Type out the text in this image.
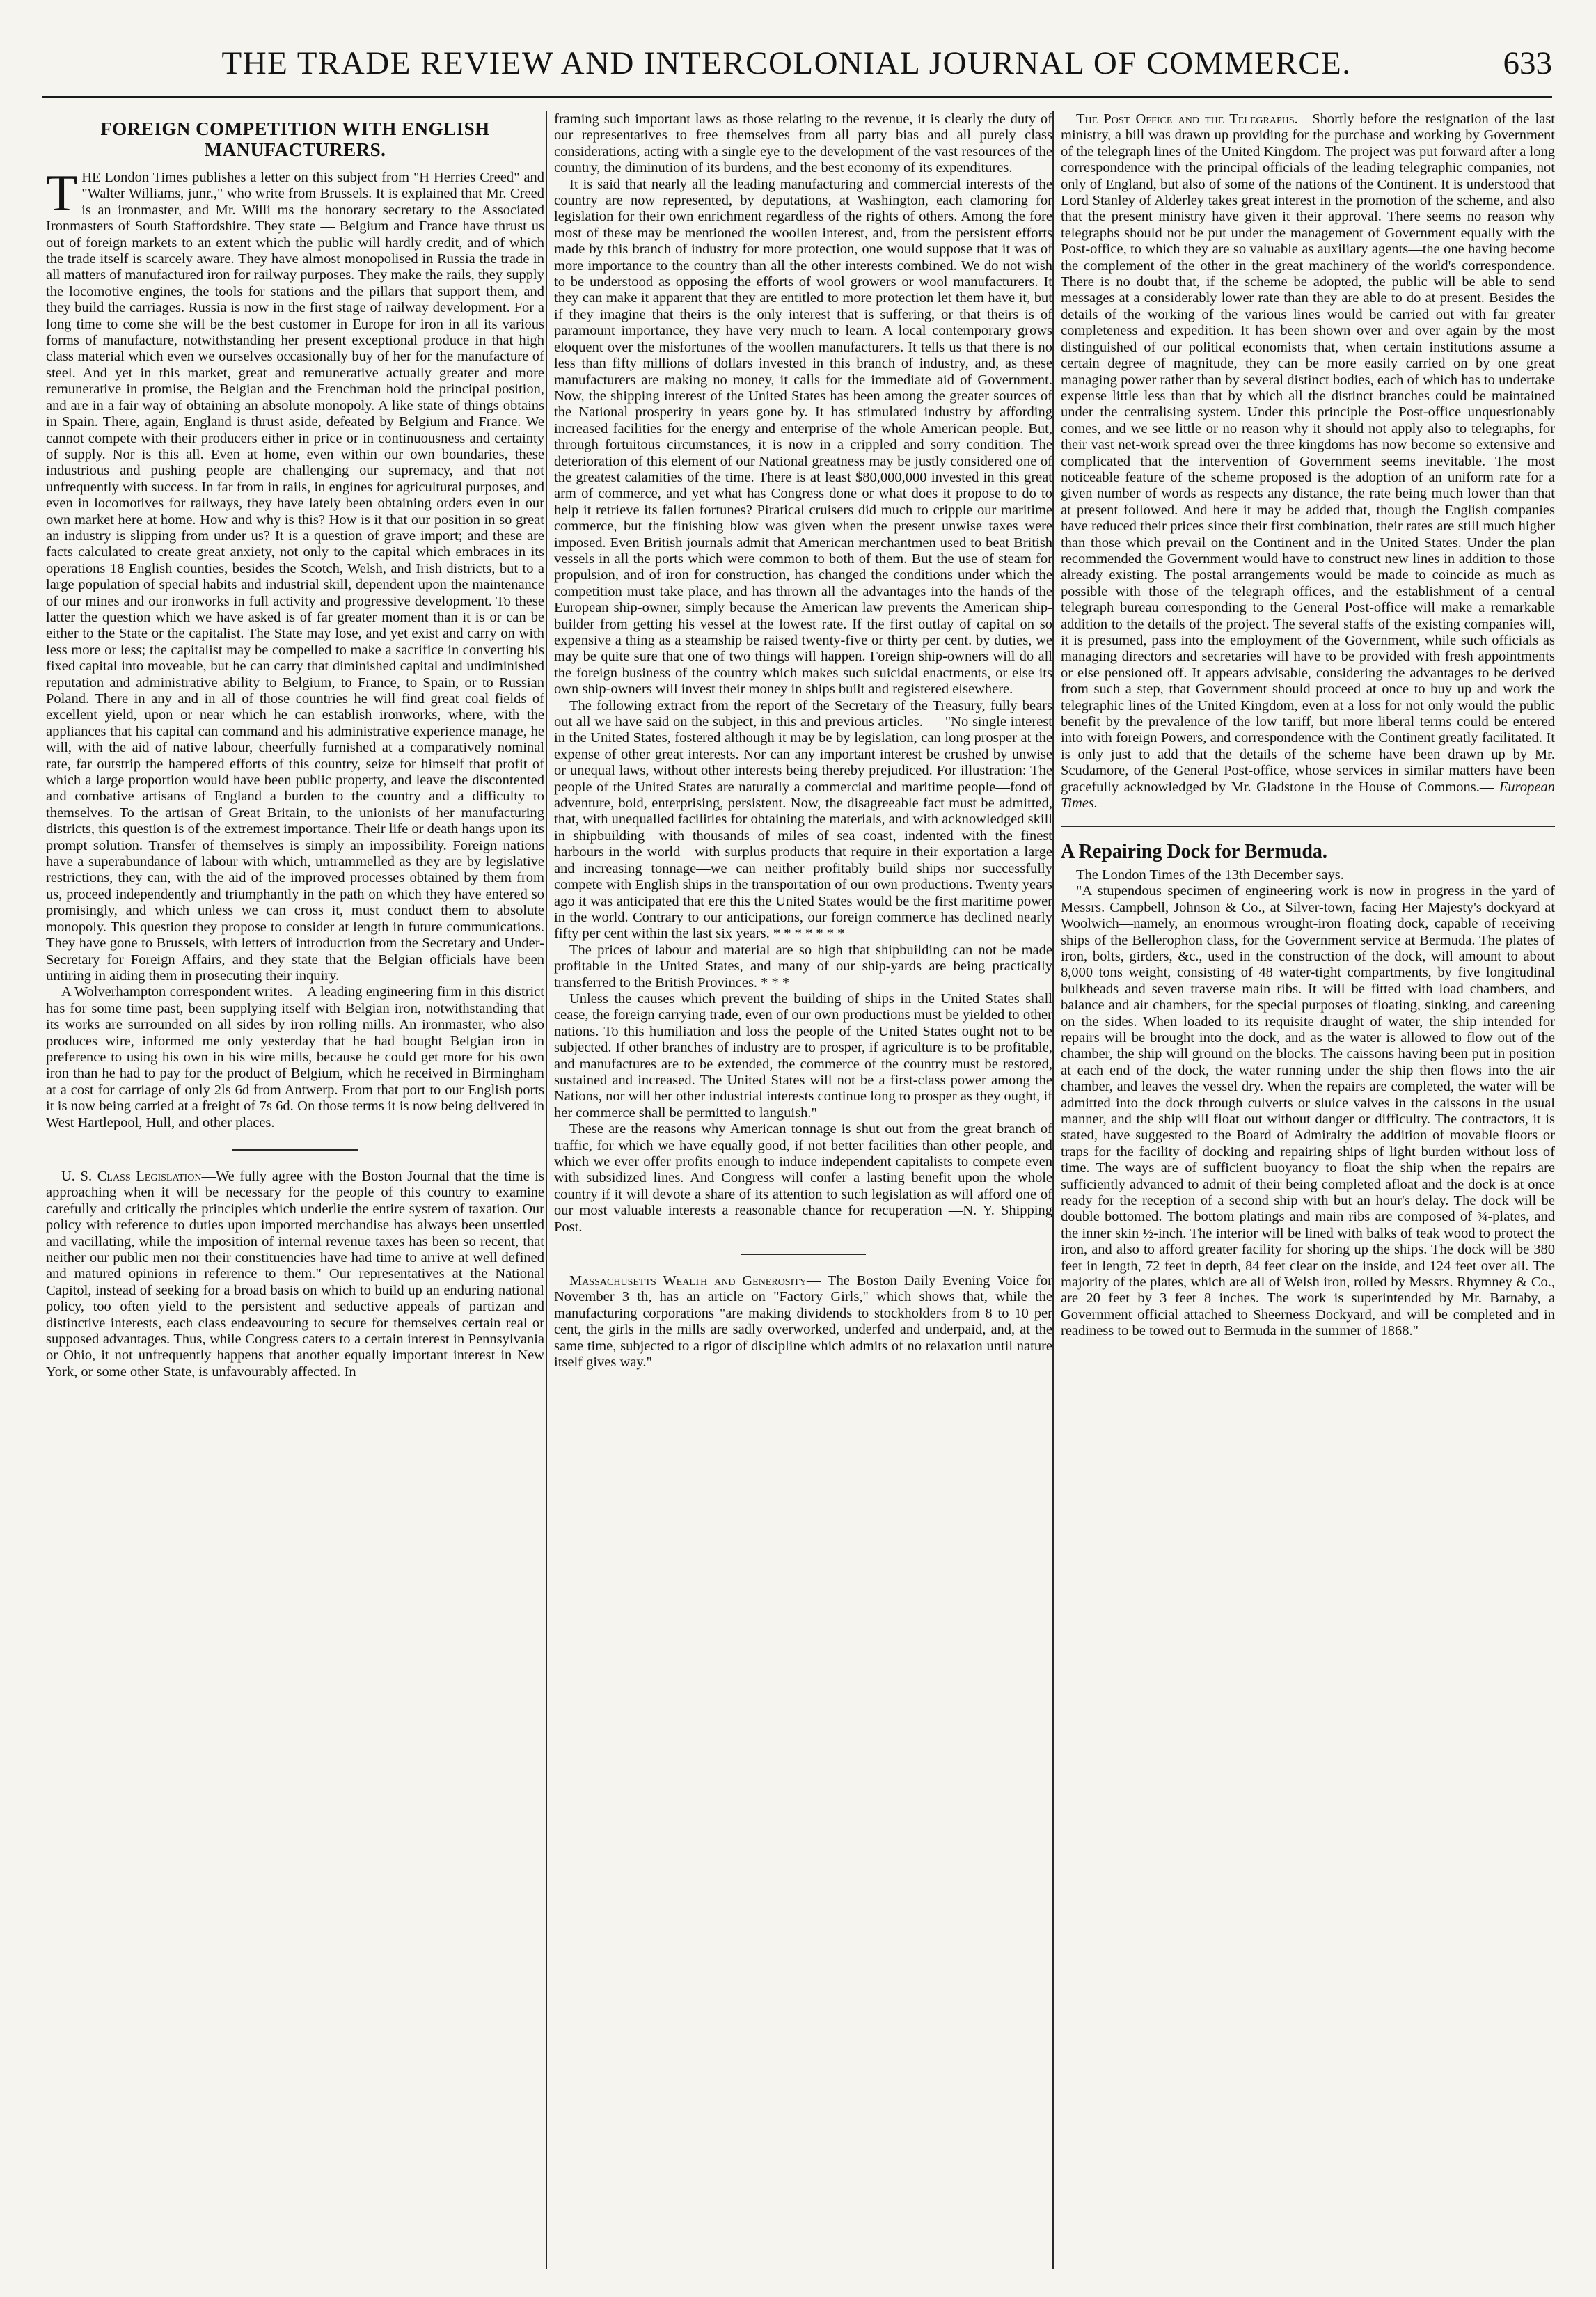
THE TRADE REVIEW AND INTERCOLONIAL JOURNAL OF COMMERCE.	633
FOREIGN COMPETITION WITH ENGLISH MANUFACTURERS.

THE London Times publishes a letter on this subject from "H Herries Creed" and "Walter Williams, junr.," who write from Brussels. It is explained that Mr. Creed is an ironmaster, and Mr. Willi ms the honorary secretary to the Associated Ironmasters of South Staffordshire. They state — Belgium and France have thrust us out of foreign markets to an extent which the public will hardly credit, and of which the trade itself is scarcely aware. They have almost monopolised in Russia the trade in all matters of manufactured iron for railway purposes. They make the rails, they supply the locomotive engines, the tools for stations and the pillars that support them, and they build the carriages. Russia is now in the first stage of railway development. For a long time to come she will be the best customer in Europe for iron in all its various forms of manufacture, notwithstanding her present exceptional produce in that high class material which even we ourselves occasionally buy of her for the manufacture of steel. And yet in this market, great and remunerative actually greater and more remunerative in promise, the Belgian and the Frenchman hold the principal position, and are in a fair way of obtaining an absolute monopoly. A like state of things obtains in Spain. There, again, England is thrust aside, defeated by Belgium and France. We cannot compete with their producers either in price or in continuousness and certainty of supply. Nor is this all. Even at home, even within our own boundaries, these industrious and pushing people are challenging our supremacy, and that not unfrequently with success. In far from in rails, in engines for agricultural purposes, and even in locomotives for railways, they have lately been obtaining orders even in our own market here at home. How and why is this? How is it that our position in so great an industry is slipping from under us? It is a question of grave import; and these are facts calculated to create great anxiety, not only to the capital which embraces in its operations 18 English counties, besides the Scotch, Welsh, and Irish districts, but to a large population of special habits and industrial skill, dependent upon the maintenance of our mines and our ironworks in full activity and progressive development. To these latter the question which we have asked is of far greater moment than it is or can be either to the State or the capitalist. The State may lose, and yet exist and carry on with less more or less; the capitalist may be compelled to make a sacrifice in converting his fixed capital into moveable, but he can carry that diminished capital and undiminished reputation and administrative ability to Belgium, to France, to Spain, or to Russian Poland. There in any and in all of those countries he will find great coal fields of excellent yield, upon or near which he can establish ironworks, where, with the appliances that his capital can command and his administrative experience manage, he will, with the aid of native labour, cheerfully furnished at a comparatively nominal rate, far outstrip the hampered efforts of this country, seize for himself that profit of which a large proportion would have been public property, and leave the discontented and combative artisans of England a burden to the country and a difficulty to themselves. To the artisan of Great Britain, to the unionists of her manufacturing districts, this question is of the extremest importance. Their life or death hangs upon its prompt solution. Transfer of themselves is simply an impossibility. Foreign nations have a superabundance of labour with which, untrammelled as they are by legislative restrictions, they can, with the aid of the improved processes obtained by them from us, proceed independently and triumphantly in the path on which they have entered so promisingly, and which unless we can cross it, must conduct them to absolute monopoly. This question they propose to consider at length in future communications. They have gone to Brussels, with letters of introduction from the Secretary and Under-Secretary for Foreign Affairs, and they state that the Belgian officials have been untiring in aiding them in prosecuting their inquiry.

A Wolverhampton correspondent writes.—A leading engineering firm in this district has for some time past, been supplying itself with Belgian iron, notwithstanding that its works are surrounded on all sides by iron rolling mills. An ironmaster, who also produces wire, informed me only yesterday that he had bought Belgian iron in preference to using his own in his wire mills, because he could get more for his own iron than he had to pay for the product of Belgium, which he received in Birmingham at a cost for carriage of only 2ls 6d from Antwerp. From that port to our English ports it is now being carried at a freight of 7s 6d. On those terms it is now being delivered in West Hartlepool, Hull, and other places.

U. S. Class Legislation—We fully agree with the Boston Journal that the time is approaching when it will be necessary for the people of this country to examine carefully and critically the principles which underlie the entire system of taxation. Our policy with reference to duties upon imported merchandise has always been unsettled and vacillating, while the imposition of internal revenue taxes has been so recent, that neither our public men nor their constituencies have had time to arrive at well defined and matured opinions in reference to them." Our representatives at the National Capitol, instead of seeking for a broad basis on which to build up an enduring national policy, too often yield to the persistent and seductive appeals of partizan and distinctive interests, each class endeavouring to secure for themselves certain real or supposed advantages. Thus, while Congress caters to a certain interest in Pennsylvania or Ohio, it not unfrequently happens that another equally important interest in New York, or some other State, is unfavourably affected. In

framing such important laws as those relating to the revenue, it is clearly the duty of our representatives to free themselves from all party bias and all purely class considerations, acting with a single eye to the development of the vast resources of the country, the diminution of its burdens, and the best economy of its expenditures.

It is said that nearly all the leading manufacturing and commercial interests of the country are now represented, by deputations, at Washington, each clamoring for legislation for their own enrichment regardless of the rights of others. Among the fore most of these may be mentioned the woollen interest, and, from the persistent efforts made by this branch of industry for more protection, one would suppose that it was of more importance to the country than all the other interests combined. We do not wish to be understood as opposing the efforts of wool growers or wool manufacturers. It they can make it apparent that they are entitled to more protection let them have it, but if they imagine that theirs is the only interest that is suffering, or that theirs is of paramount importance, they have very much to learn. A local contemporary grows eloquent over the misfortunes of the woollen manufacturers. It tells us that there is no less than fifty millions of dollars invested in this branch of industry, and, as these manufacturers are making no money, it calls for the immediate aid of Government. Now, the shipping interest of the United States has been among the greater sources of the National prosperity in years gone by. It has stimulated industry by affording increased facilities for the energy and enterprise of the whole American people. But, through fortuitous circumstances, it is now in a crippled and sorry condition. The deterioration of this element of our National greatness may be justly considered one of the greatest calamities of the time. There is at least $80,000,000 invested in this great arm of commerce, and yet what has Congress done or what does it propose to do to help it retrieve its fallen fortunes? Piratical cruisers did much to cripple our maritime commerce, but the finishing blow was given when the present unwise taxes were imposed. Even British journals admit that American merchantmen used to beat British vessels in all the ports which were common to both of them. But the use of steam for propulsion, and of iron for construction, has changed the conditions under which the competition must take place, and has thrown all the advantages into the hands of the European ship-owner, simply because the American law prevents the American ship-builder from getting his vessel at the lowest rate. If the first outlay of capital on so expensive a thing as a steamship be raised twenty-five or thirty per cent. by duties, we may be quite sure that one of two things will happen. Foreign ship-owners will do all the foreign business of the country which makes such suicidal enactments, or else its own ship-owners will invest their money in ships built and registered elsewhere.

The following extract from the report of the Secretary of the Treasury, fully bears out all we have said on the subject, in this and previous articles. — "No single interest in the United States, fostered although it may be by legislation, can long prosper at the expense of other great interests. Nor can any important interest be crushed by unwise or unequal laws, without other interests being thereby prejudiced. For illustration: The people of the United States are naturally a commercial and maritime people—fond of adventure, bold, enterprising, persistent. Now, the disagreeable fact must be admitted, that, with unequalled facilities for obtaining the materials, and with acknowledged skill in shipbuilding—with thousands of miles of sea coast, indented with the finest harbours in the world—with surplus products that require in their exportation a large and increasing tonnage—we can neither profitably build ships nor successfully compete with English ships in the transportation of our own productions. Twenty years ago it was anticipated that ere this the United States would be the first maritime power in the world. Contrary to our anticipations, our foreign commerce has declined nearly fifty per cent within the last six years. * * * * * * *

The prices of labour and material are so high that shipbuilding can not be made profitable in the United States, and many of our ship-yards are being practically transferred to the British Provinces. * * *

Unless the causes which prevent the building of ships in the United States shall cease, the foreign carrying trade, even of our own productions must be yielded to other nations. To this humiliation and loss the people of the United States ought not to be subjected. If other branches of industry are to prosper, if agriculture is to be profitable, and manufactures are to be extended, the commerce of the country must be restored, sustained and increased. The United States will not be a first-class power among the Nations, nor will her other industrial interests continue long to prosper as they ought, if her commerce shall be permitted to languish."

These are the reasons why American tonnage is shut out from the great branch of traffic, for which we have equally good, if not better facilities than other people, and which we ever offer profits enough to induce independent capitalists to compete even with subsidized lines. And Congress will confer a lasting benefit upon the whole country if it will devote a share of its attention to such legislation as will afford one of our most valuable interests a reasonable chance for recuperation —N. Y. Shipping Post.

Massachusetts Wealth and Generosity— The Boston Daily Evening Voice for November 3 th, has an article on "Factory Girls," which shows that, while the manufacturing corporations "are making dividends to stockholders from 8 to 10 per cent, the girls in the mills are sadly overworked, underfed and underpaid, and, at the same time, subjected to a rigor of discipline which admits of no relaxation until nature itself gives way."

The Post Office and the Telegraphs.—Shortly before the resignation of the last ministry, a bill was drawn up providing for the purchase and working by Government of the telegraph lines of the United Kingdom. The project was put forward after a long correspondence with the principal officials of the leading telegraphic companies, not only of England, but also of some of the nations of the Continent. It is understood that Lord Stanley of Alderley takes great interest in the promotion of the scheme, and also that the present ministry have given it their approval. There seems no reason why telegraphs should not be put under the management of Government equally with the Post-office, to which they are so valuable as auxiliary agents—the one having become the complement of the other in the great machinery of the world's correspondence. There is no doubt that, if the scheme be adopted, the public will be able to send messages at a considerably lower rate than they are able to do at present. Besides the details of the working of the various lines would be carried out with far greater completeness and expedition. It has been shown over and over again by the most distinguished of our political economists that, when certain institutions assume a certain degree of magnitude, they can be more easily carried on by one great managing power rather than by several distinct bodies, each of which has to undertake expense little less than that by which all the distinct branches could be maintained under the centralising system. Under this principle the Post-office unquestionably comes, and we see little or no reason why it should not apply also to telegraphs, for their vast net-work spread over the three kingdoms has now become so extensive and complicated that the intervention of Government seems inevitable. The most noticeable feature of the scheme proposed is the adoption of an uniform rate for a given number of words as respects any distance, the rate being much lower than that at present followed. And here it may be added that, though the English companies have reduced their prices since their first combination, their rates are still much higher than those which prevail on the Continent and in the United States. Under the plan recommended the Government would have to construct new lines in addition to those already existing. The postal arrangements would be made to coincide as much as possible with those of the telegraph offices, and the establishment of a central telegraph bureau corresponding to the General Post-office will make a remarkable addition to the details of the project. The several staffs of the existing companies will, it is presumed, pass into the employment of the Government, while such officials as managing directors and secretaries will have to be provided with fresh appointments or else pensioned off. It appears advisable, considering the advantages to be derived from such a step, that Government should proceed at once to buy up and work the telegraphic lines of the United Kingdom, even at a loss for not only would the public benefit by the prevalence of the low tariff, but more liberal terms could be entered into with foreign Powers, and correspondence with the Continent greatly facilitated. It is only just to add that the details of the scheme have been drawn up by Mr. Scudamore, of the General Post-office, whose services in similar matters have been gracefully acknowledged by Mr. Gladstone in the House of Commons.— European Times.

A Repairing Dock for Bermuda.

The London Times of the 13th December says.—

"A stupendous specimen of engineering work is now in progress in the yard of Messrs. Campbell, Johnson & Co., at Silver-town, facing Her Majesty's dockyard at Woolwich—namely, an enormous wrought-iron floating dock, capable of receiving ships of the Bellerophon class, for the Government service at Bermuda. The plates of iron, bolts, girders, &c., used in the construction of the dock, will amount to about 8,000 tons weight, consisting of 48 water-tight compartments, by five longitudinal bulkheads and seven traverse main ribs. It will be fitted with load chambers, and balance and air chambers, for the special purposes of floating, sinking, and careening on the sides. When loaded to its requisite draught of water, the ship intended for repairs will be brought into the dock, and as the water is allowed to flow out of the chamber, the ship will ground on the blocks. The caissons having been put in position at each end of the dock, the water running under the ship then flows into the air chamber, and leaves the vessel dry. When the repairs are completed, the water will be admitted into the dock through culverts or sluice valves in the caissons in the usual manner, and the ship will float out without danger or difficulty. The contractors, it is stated, have suggested to the Board of Admiralty the addition of movable floors or traps for the facility of docking and repairing ships of light burden without loss of time. The ways are of sufficient buoyancy to float the ship when the repairs are sufficiently advanced to admit of their being completed afloat and the dock is at once ready for the reception of a second ship with but an hour's delay. The dock will be double bottomed. The bottom platings and main ribs are composed of ¾-plates, and the inner skin ½-inch. The interior will be lined with balks of teak wood to protect the iron, and also to afford greater facility for shoring up the ships. The dock will be 380 feet in length, 72 feet in depth, 84 feet clear on the inside, and 124 feet over all. The majority of the plates, which are all of Welsh iron, rolled by Messrs. Rhymney & Co., are 20 feet by 3 feet 8 inches. The work is superintended by Mr. Barnaby, a Government official attached to Sheerness Dockyard, and will be completed and in readiness to be towed out to Bermuda in the summer of 1868."
